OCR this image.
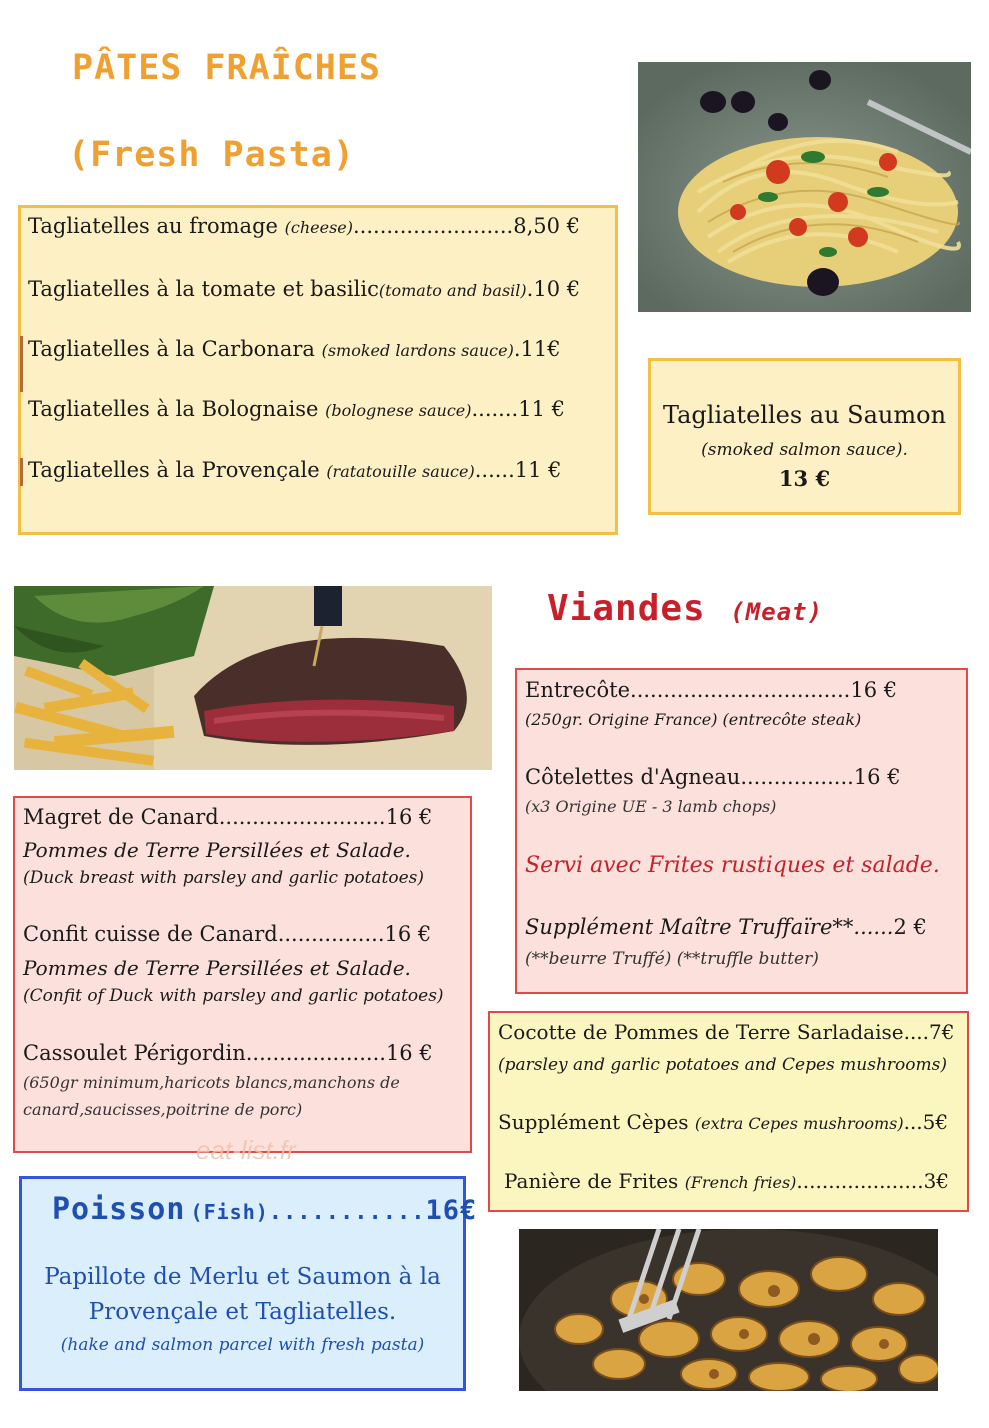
PÂTES FRAÎCHES
(Fresh Pasta)
Tagliatelles au fromage (cheese)........................8,50 €
Tagliatelles à la tomate et basilic(tomato and basil).10 €
Tagliatelles à la Carbonara (smoked lardons sauce).11€
Tagliatelles à la Bolognaise (bolognese sauce).......11 €
Tagliatelles à la Provençale (ratatouille sauce)......11 €
Tagliatelles au Saumon
(smoked salmon sauce).
13 €
Viandes (Meat)
Entrecôte.................................16 €
(250gr. Origine France) (entrecôte steak)
Côtelettes d'Agneau.................16 €
(x3 Origine UE - 3 lamb chops)
Servi avec Frites rustiques et salade.
Supplément Maître Truffaïre**......2 €
(**beurre Truffé) (**truffle butter)
Magret de Canard.........................16 €
Pommes de Terre Persillées et Salade.
(Duck breast with parsley and garlic potatoes)
Confit cuisse de Canard................16 €
Pommes de Terre Persillées et Salade.
(Confit of Duck with parsley and garlic potatoes)
Cassoulet Périgordin.....................16 €
(650gr minimum,haricots blancs,manchons de
canard,saucisses,poitrine de porc)
eat-list.fr
Cocotte de Pommes de Terre Sarladaise....7€
(parsley and garlic potatoes and Cepes mushrooms)
Supplément Cèpes (extra Cepes mushrooms)...5€
Panière de Frites (French fries)....................3€
Poisson (Fish)...........16€
Papillote de Merlu et Saumon à la
Provençale et Tagliatelles.
(hake and salmon parcel with fresh pasta)
